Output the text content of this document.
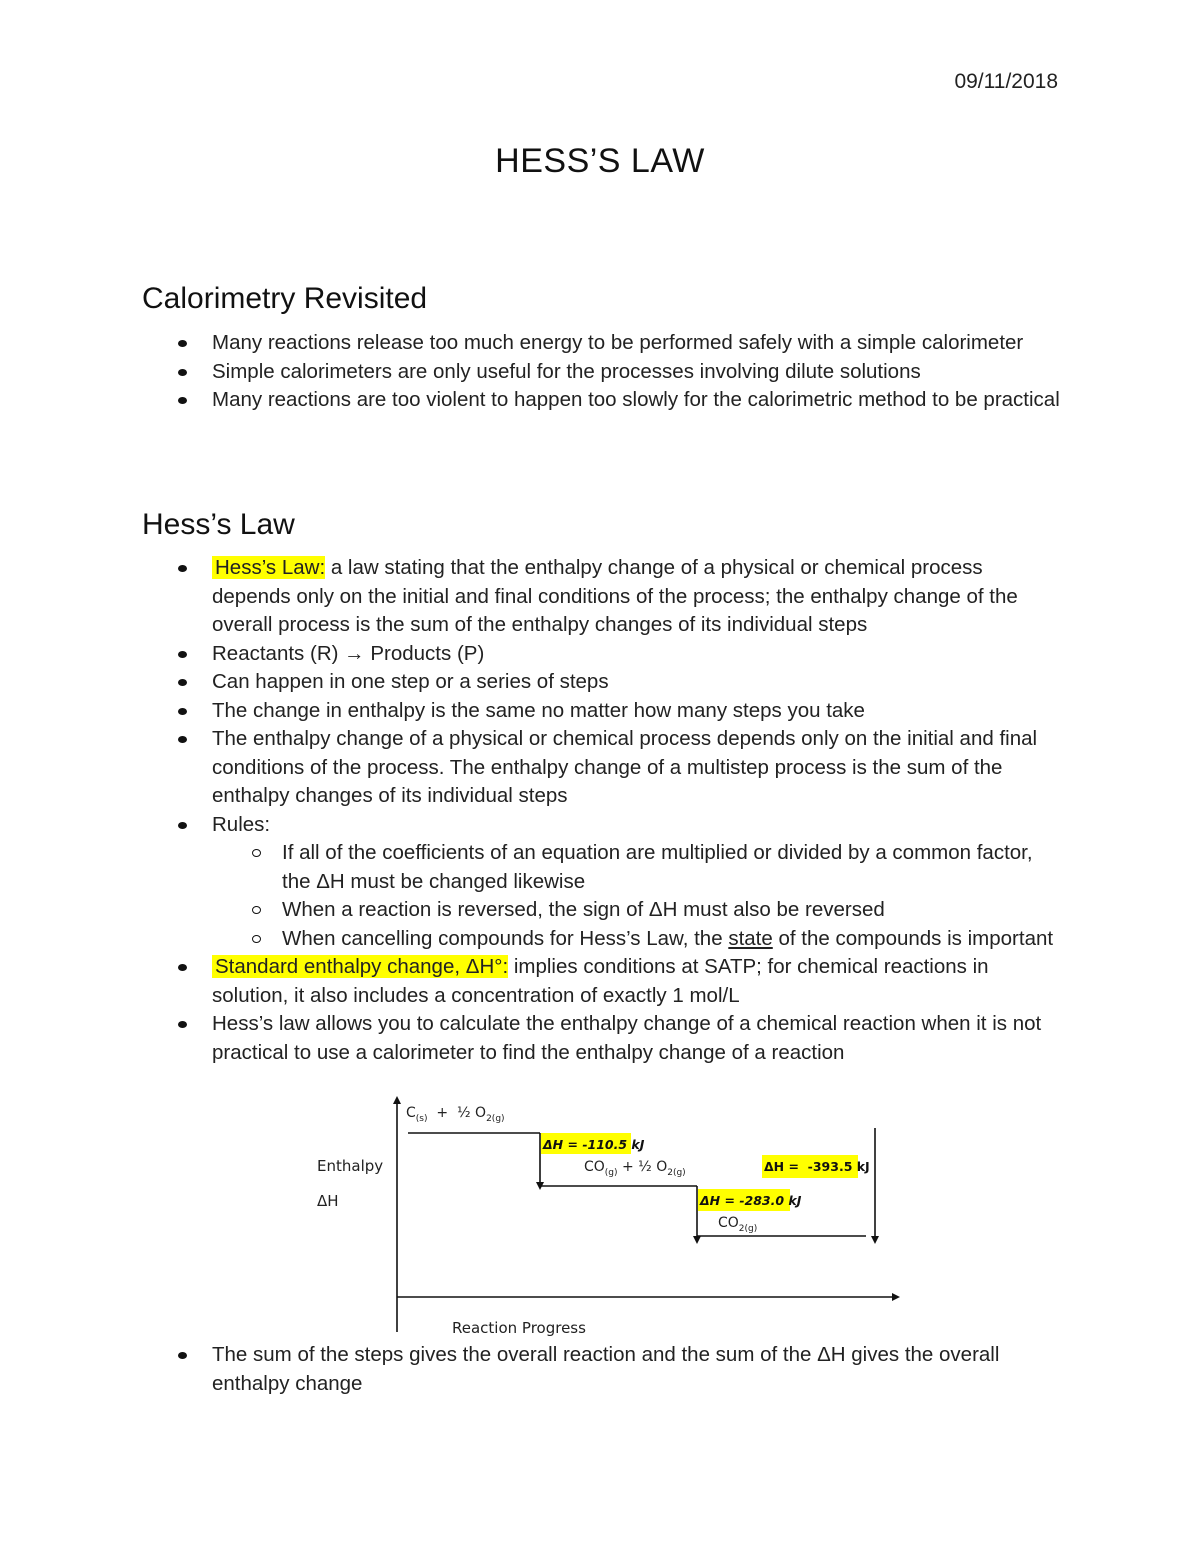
09/11/2018
HESS’S LAW
Calorimetry Revisited
Many reactions release too much energy to be performed safely with a simple calorimeter
Simple calorimeters are only useful for the processes involving dilute solutions
Many reactions are too violent to happen too slowly for the calorimetric method to be practical
Hess’s Law
Hess’s Law: a law stating that the enthalpy change of a physical or chemical process depends only on the initial and final conditions of the process; the enthalpy change of the overall process is the sum of the enthalpy changes of its individual steps
Reactants (R) → Products (P)
Can happen in one step or a series of steps
The change in enthalpy is the same no matter how many steps you take
The enthalpy change of a physical or chemical process depends only on the initial and final conditions of the process. The enthalpy change of a multistep process is the sum of the enthalpy changes of its individual steps
Rules:
If all of the coefficients of an equation are multiplied or divided by a common factor, the ΔH must be changed likewise
When a reaction is reversed, the sign of ΔH must also be reversed
When cancelling compounds for Hess’s Law, the state of the compounds is important
Standard enthalpy change, ΔH°: implies conditions at SATP; for chemical reactions in solution, it also includes a concentration of exactly 1 mol/L
Hess’s law allows you to calculate the enthalpy change of a chemical reaction when it is not practical to use a calorimeter to find the enthalpy change of a reaction
Enthalpy
ΔH
Reaction Progress
$C_{(s)}$  +  ½ $O_{2(g)}$
$CO_{(g)}$ + ½ $O_{2(g)}$
$CO_{2(g)}$
ΔH = -110.5 kJ
ΔH =  -393.5 kJ
ΔH = -283.0 kJ
The sum of the steps gives the overall reaction and the sum of the ΔH gives the overall enthalpy change
